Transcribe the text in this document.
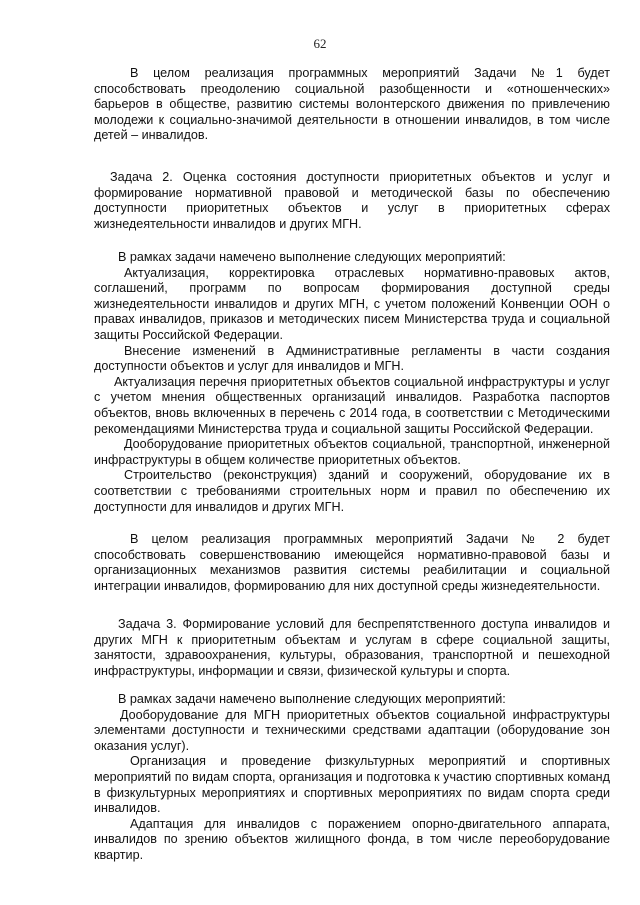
62

В целом реализация программных мероприятий Задачи №1 будет способствовать преодолению социальной разобщенности и «отношенческих» барьеров в обществе, развитию системы волонтерского движения по привлечению молодежи к социально-значимой деятельности в отношении инвалидов, в том числе детей – инвалидов.

Задача 2. Оценка состояния доступности приоритетных объектов и услуг и формирование нормативной правовой и методической базы по обеспечению доступности приоритетных объектов и услуг в приоритетных сферах жизнедеятельности инвалидов и других МГН.

В рамках задачи намечено выполнение следующих мероприятий:

Актуализация, корректировка отраслевых нормативно-правовых актов, соглашений, программ по вопросам формирования доступной среды жизнедеятельности инвалидов и других МГН, с учетом положений Конвенции ООН о правах инвалидов, приказов и методических писем Министерства труда и социальной защиты Российской Федерации.

Внесение изменений в Административные регламенты в части создания доступности объектов и услуг для инвалидов и МГН.

Актуализация перечня приоритетных объектов социальной инфраструктуры и услуг с учетом мнения общественных организаций инвалидов. Разработка паспортов объектов, вновь включенных в перечень с 2014 года, в соответствии с Методическими рекомендациями Министерства труда и социальной защиты Российской Федерации.

Дооборудование приоритетных объектов социальной, транспортной, инженерной инфраструктуры в общем количестве приоритетных объектов.

Строительство (реконструкция) зданий и сооружений, оборудование их в соответствии с требованиями строительных норм и правил по обеспечению их доступности для инвалидов и других МГН.

В целом реализация программных мероприятий Задачи № 2 будет способствовать совершенствованию имеющейся нормативно-правовой базы и организационных механизмов развития системы реабилитации и социальной интеграции инвалидов, формированию для них доступной среды жизнедеятельности.

Задача 3. Формирование условий для беспрепятственного доступа инвалидов и других МГН к приоритетным объектам и услугам в сфере социальной защиты, занятости, здравоохранения, культуры, образования, транспортной и пешеходной инфраструктуры, информации и связи, физической культуры и спорта.

В рамках задачи намечено выполнение следующих мероприятий:

Дооборудование для МГН приоритетных объектов социальной инфраструктуры элементами доступности и техническими средствами адаптации (оборудование зон оказания услуг).

Организация и проведение физкультурных мероприятий и спортивных мероприятий по видам спорта, организация и подготовка к участию спортивных команд в физкультурных мероприятиях и спортивных мероприятиях по видам спорта среди инвалидов.

Адаптация для инвалидов с поражением опорно-двигательного аппарата, инвалидов по зрению объектов жилищного фонда, в том числе переоборудование квартир.
